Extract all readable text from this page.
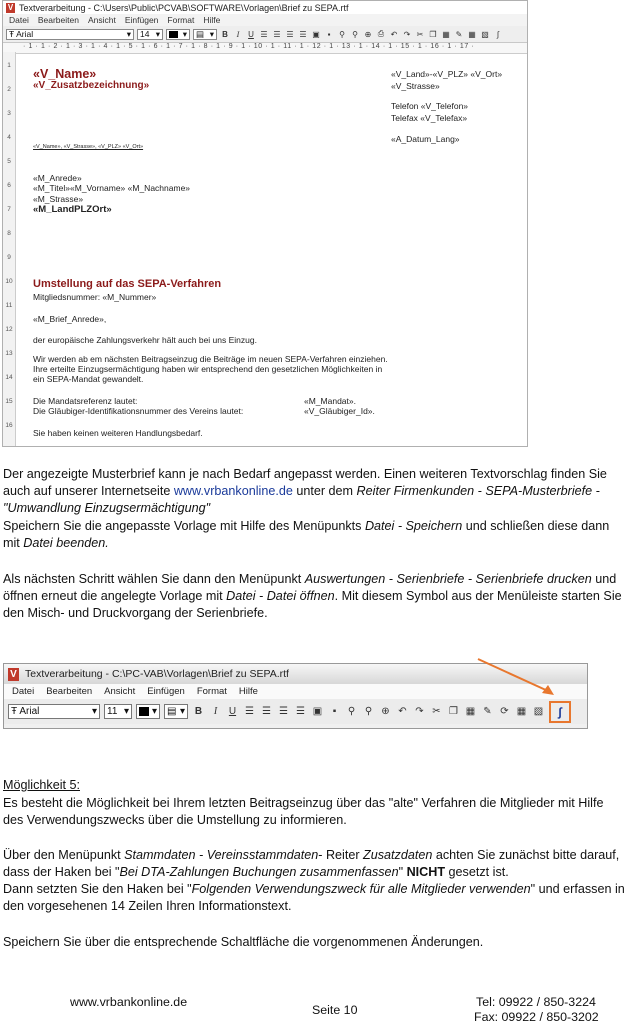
V Textverarbeitung - C:\Users\Public\PCVAB\SOFTWARE\Vorlagen\Brief zu SEPA.rtf
Datei Bearbeiten Ansicht Einfügen Format Hilfe
Ŧ Arial	▾ 14 ▾	▾ ▤ ▾ B	I	U ☰ ☰ ☰ ☰ ▣ ▪	⚲ ⚲ ⊕ ⎙ ↶ ↷ ✂ ❐ ▦ ✎ ▦ ▧	∫
· 1 · 1 · 2 · 1 · 3 · 1 · 4 · 1 · 5 · 1 · 6 · 1 · 7 · 1 · 8 · 1 · 9 · 1 · 10 · 1 · 11 · 1 · 12 · 1 · 13 · 1 · 14 · 1 · 15 · 1 · 16 · 1 · 17 ·
1
2
3
4
5
6
7
8
9
10
11
12
13
14
15
16
«V_Name»
«V_Zusatzbezeichnung»
«V_Land»-«V_PLZ» «V_Ort»
«V_Strasse»
Telefon «V_Telefon»
Telefax «V_Telefax»
«A_Datum_Lang»
«V_Name», «V_Strasse», «V_PLZ» «V_Ort»
«M_Anrede»
«M_Titel»«M_Vorname» «M_Nachname»
«M_Strasse»
«M_LandPLZOrt»
Umstellung auf das SEPA-Verfahren
Mitgliedsnummer: «M_Nummer»
«M_Brief_Anrede»,
der europäische Zahlungsverkehr hält auch bei uns Einzug.
Wir werden ab em nächsten Beitragseinzug die Beiträge im neuen SEPA-Verfahren einziehen.
Ihre erteilte Einzugsermächtigung haben wir entsprechend den gesetzlichen Möglichkeiten in
ein SEPA-Mandat gewandelt.
Die Mandatsreferenz lautet:	«M_Mandat».
Die Gläubiger-Identifikationsnummer des Vereins lautet:	«V_Gläubiger_Id».
Sie haben keinen weiteren Handlungsbedarf.
Der angezeigte Musterbrief kann je nach Bedarf angepasst werden. Einen weiteren Textvorschlag finden Sie auch auf unserer Internetseite www.vrbankonline.de unter dem Reiter Firmenkunden - SEPA-Musterbriefe - "Umwandlung Einzugsermächtigung"
Speichern Sie die angepasste Vorlage mit Hilfe des Menüpunkts Datei - Speichern und schließen diese dann mit Datei beenden.
Als nächsten Schritt wählen Sie dann den Menüpunkt Auswertungen - Serienbriefe - Serienbriefe drucken und öffnen erneut die angelegte Vorlage mit Datei - Datei öffnen. Mit diesem Symbol aus der Menüleiste starten Sie den Misch- und Druckvorgang der Serienbriefe.
V Textverarbeitung - C:\PC-VAB\Vorlagen\Brief zu SEPA.rtf
Datei Bearbeiten Ansicht Einfügen Format Hilfe
Ŧ Arial	▾ 11 ▾ ▾ ▤ ▾ B	I	U ☰ ☰ ☰ ☰ ▣	▪	⚲ ⚲ ⊕ ↶ ↷ ✂ ❐ ▦ ✎ ⟳ ▦ ▧ ∫
Möglichkeit 5:
Es besteht die Möglichkeit bei Ihrem letzten Beitragseinzug über das "alte" Verfahren die Mitglieder mit Hilfe des Verwendungszwecks über die Umstellung zu informieren.
Über den Menüpunkt Stammdaten - Vereinsstammdaten- Reiter Zusatzdaten achten Sie zunächst bitte darauf, dass der Haken bei "Bei DTA-Zahlungen Buchungen zusammenfassen" NICHT gesetzt ist.
Dann setzten Sie den Haken bei "Folgenden Verwendungszweck für alle Mitglieder verwenden" und erfassen in den vorgesehenen 14 Zeilen Ihren Informationstext.
Speichern Sie über die entsprechende Schaltfläche die vorgenommenen Änderungen.
www.vrbankonline.de
Seite 10
Tel: 09922 / 850-3224
Fax: 09922 / 850-3202
